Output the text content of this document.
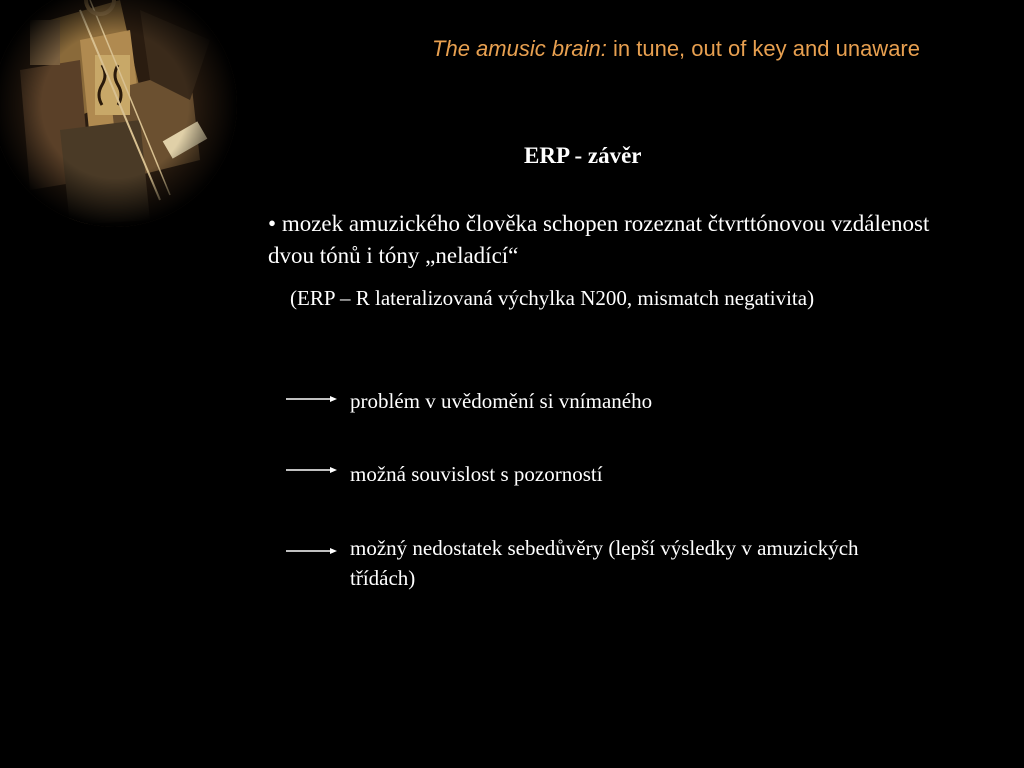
The amusic brain: in tune, out of key and unaware
ERP - závěr
• mozek amuzického člověka schopen rozeznat čtvrttónovou vzdálenost dvou tónů i tóny „neladící“
(ERP – R lateralizovaná výchylka N200, mismatch negativita)
problém v uvědomění si vnímaného
možná souvislost s pozorností
možný nedostatek sebedůvěry (lepší výsledky v amuzických třídách)
